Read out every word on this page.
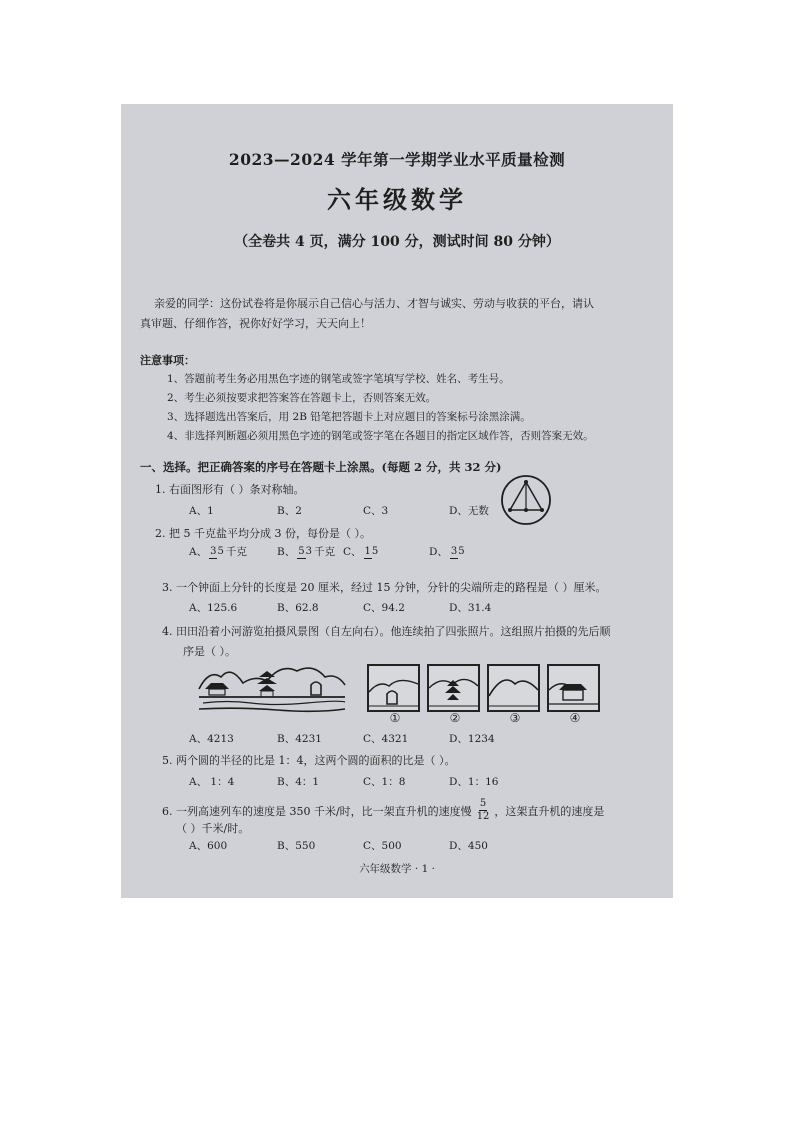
2023—2024 学年第一学期学业水平质量检测
六年级数学
（全卷共 4 页，满分 100 分，测试时间 80 分钟）
亲爱的同学：这份试卷将是你展示自己信心与活力、才智与诚实、劳动与收获的平台，请认
真审题、仔细作答，祝你好好学习，天天向上！
注意事项：
1、答题前考生务必用黑色字迹的钢笔或签字笔填写学校、姓名、考生号。
2、考生必须按要求把答案答在答题卡上，否则答案无效。
3、选择题选出答案后，用 2B 铅笔把答题卡上对应题目的答案标号涂黑涂满。
4、非选择判断题必须用黑色字迹的钢笔或签字笔在各题目的指定区域作答，否则答案无效。
一、选择。把正确答案的序号在答题卡上涂黑。(每题 2 分，共 32 分)
1. 右面图形有（ ）条对称轴。
A、1	B、2	C、3	D、无数
2. 把 5 千克盐平均分成 3 份，每份是（ ）。
A、 35 千克	B、 53 千克 C、 15	D、 35
3. 一个钟面上分针的长度是 20 厘米，经过 15 分钟，分针的尖端所走的路程是（ ）厘米。
A、125.6	B、62.8	C、94.2	D、31.4
4. 田田沿着小河游览拍摄风景图（自左向右）。他连续拍了四张照片。这组照片拍摄的先后顺
序是（ ）。
①	②	③	④
A、4213	B、4231	C、4321	D、1234
5. 两个圆的半径的比是 1：4，这两个圆的面积的比是（ ）。
A、 1：4	B、4：1	C、1：8	D、1：16
6. 一列高速列车的速度是 350 千米/时，比一架直升机的速度慢 $\frac{5}{12}$ ，这架直升机的速度是
（ ）千米/时。
A、600	B、550	C、500	D、450
六年级数学 · 1 ·
